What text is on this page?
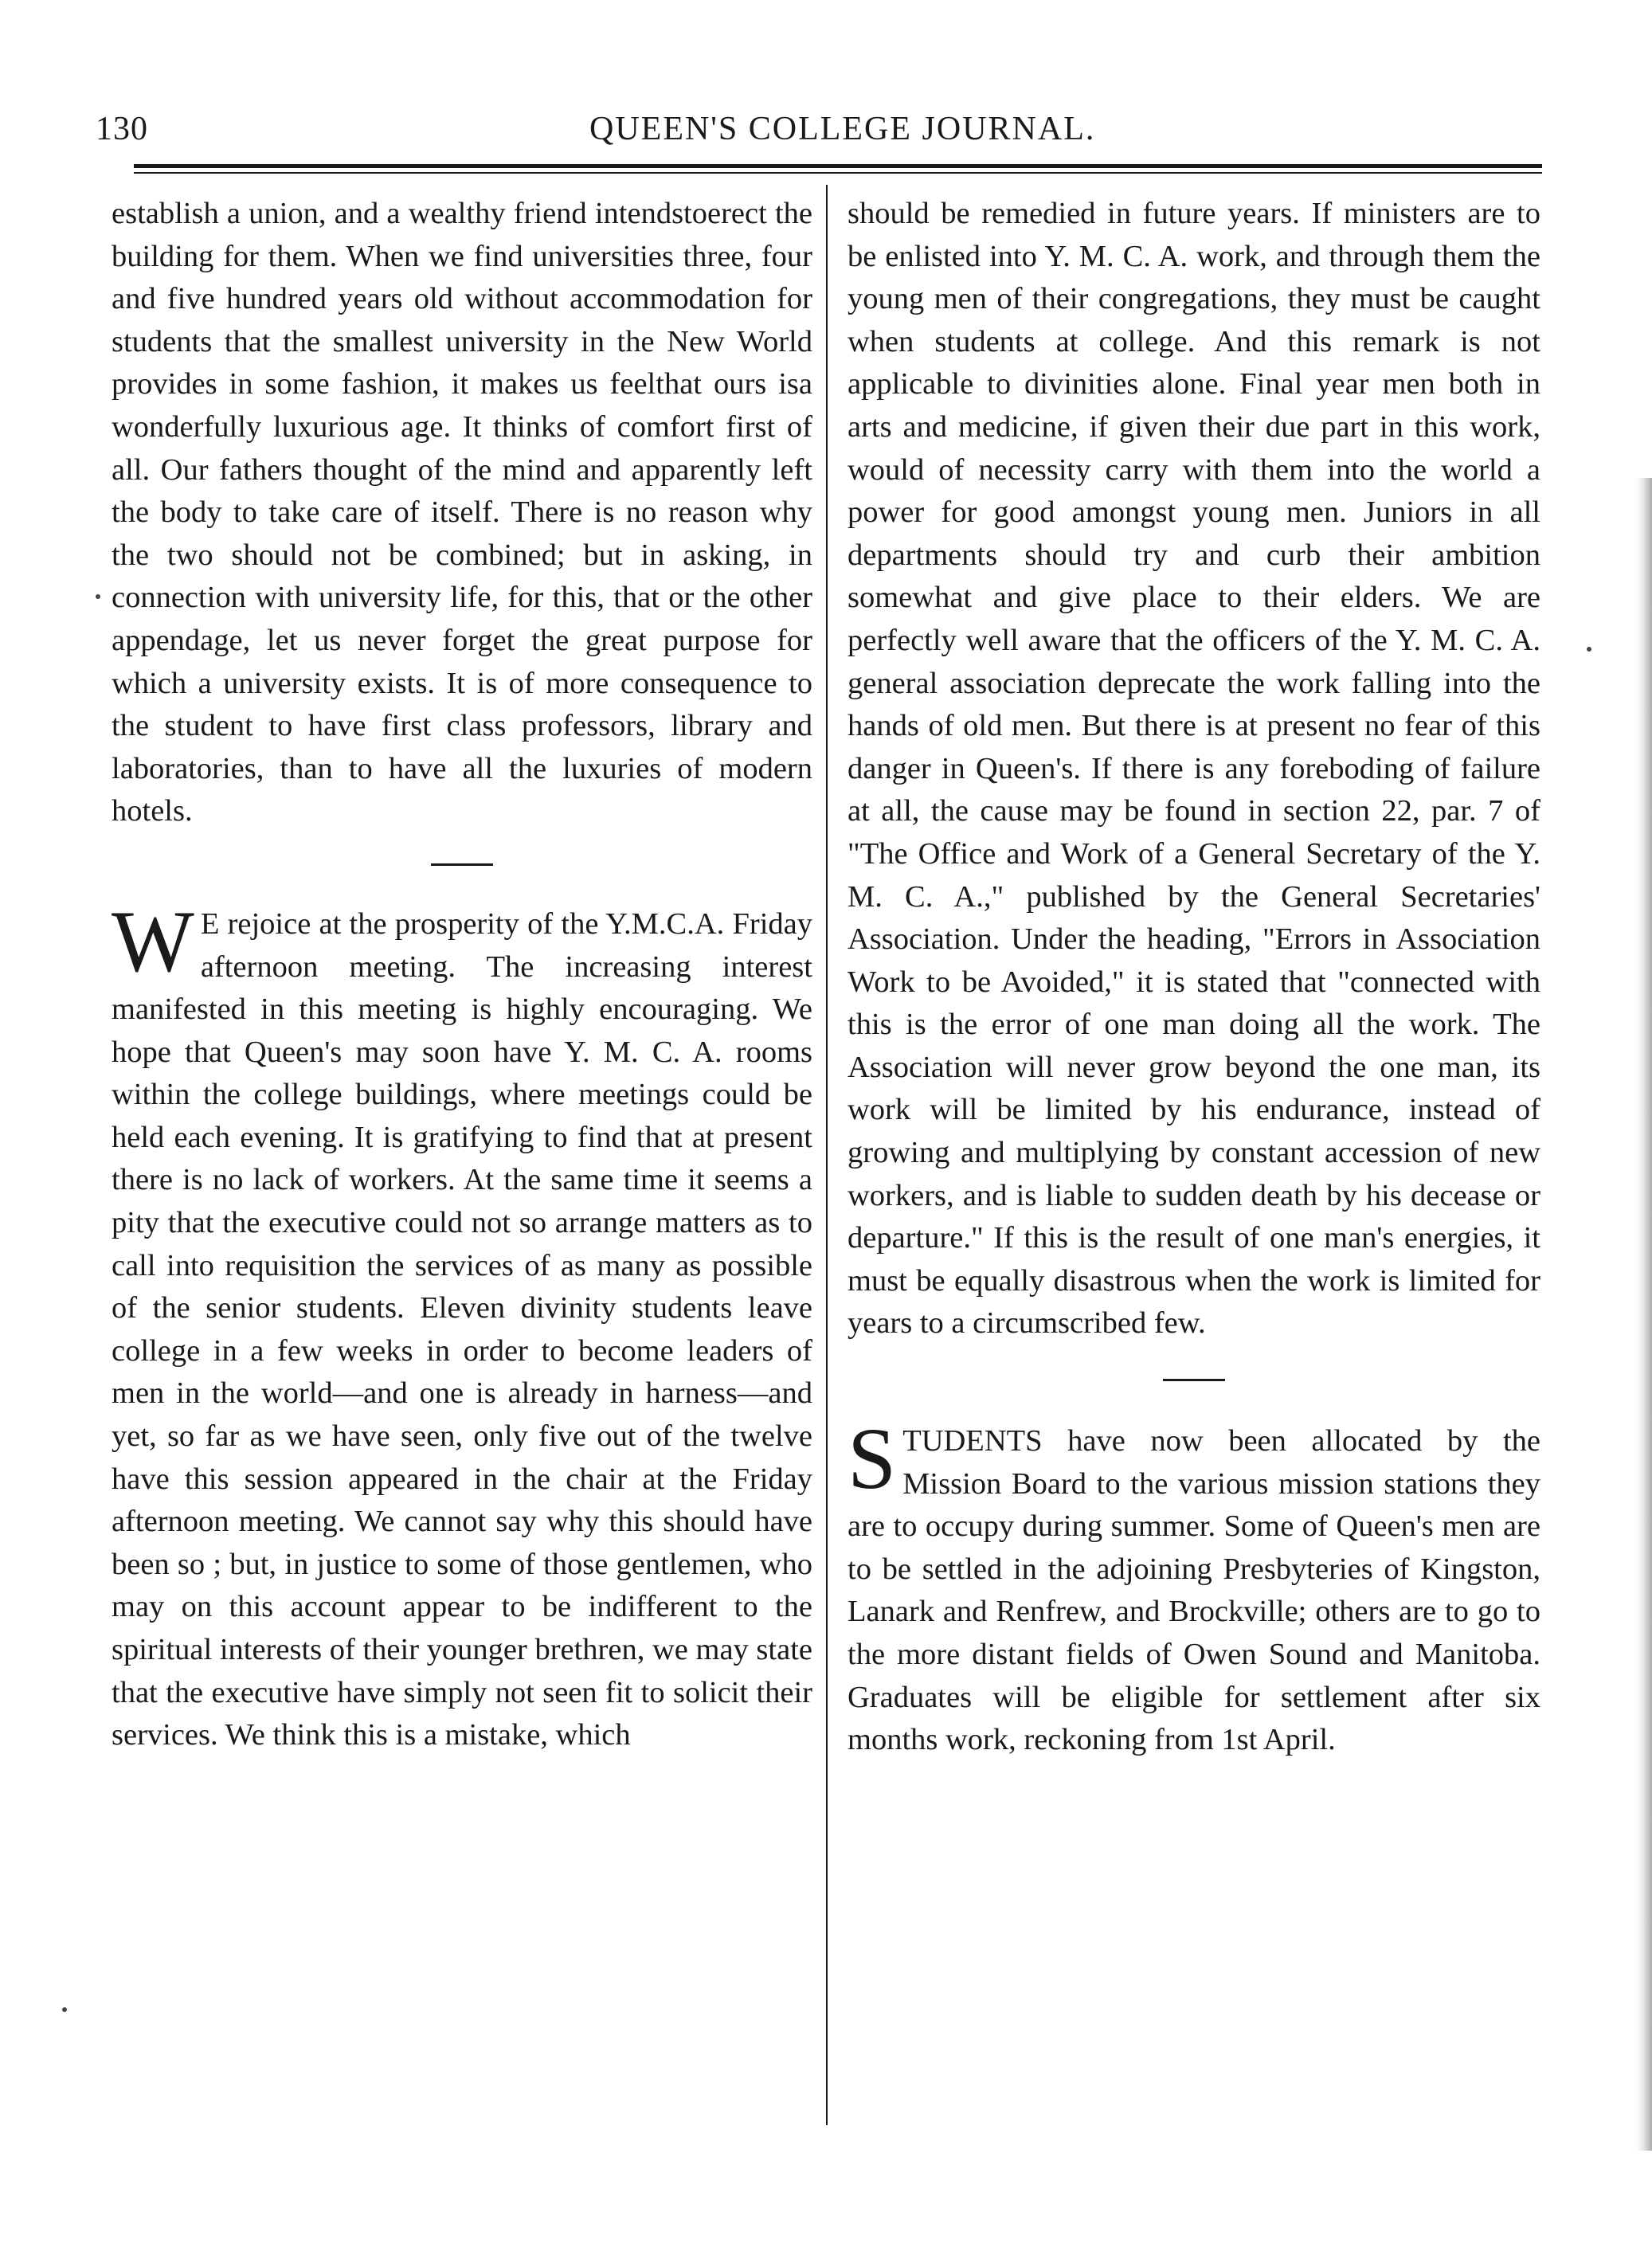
130	QUEEN'S COLLEGE JOURNAL.

establish a union, and a wealthy friend intendstoerect the building for them. When we find universities three, four and five hundred years old without accommodation for students that the smallest university in the New World provides in some fashion, it makes us feelthat ours isa wonderfully luxurious age. It thinks of comfort first of all. Our fathers thought of the mind and apparently left the body to take care of itself. There is no reason why the two should not be combined; but in asking, in connection with university life, for this, that or the other appendage, let us never forget the great purpose for which a university exists. It is of more consequence to the student to have first class professors, library and laboratories, than to have all the luxuries of modern hotels.

W E rejoice at the prosperity of the Y.M.C.A. Friday afternoon meeting. The increasing interest manifested in this meeting is highly encouraging. We hope that Queen's may soon have Y. M. C. A. rooms within the college buildings, where meetings could be held each evening. It is gratifying to find that at present there is no lack of workers. At the same time it seems a pity that the executive could not so arrange matters as to call into requisition the services of as many as possible of the senior students. Eleven divinity students leave college in a few weeks in order to become leaders of men in the world—and one is already in harness—and yet, so far as we have seen, only five out of the twelve have this session appeared in the chair at the Friday afternoon meeting. We cannot say why this should have been so ; but, in justice to some of those gentlemen, who may on this account appear to be indifferent to the spiritual interests of their younger brethren, we may state that the executive have simply not seen fit to solicit their services. We think this is a mistake, which

should be remedied in future years. If ministers are to be enlisted into Y. M. C. A. work, and through them the young men of their congregations, they must be caught when students at college. And this remark is not applicable to divinities alone. Final year men both in arts and medicine, if given their due part in this work, would of necessity carry with them into the world a power for good amongst young men. Juniors in all departments should try and curb their ambition somewhat and give place to their elders. We are perfectly well aware that the officers of the Y. M. C. A. general association deprecate the work falling into the hands of old men. But there is at present no fear of this danger in Queen's. If there is any foreboding of failure at all, the cause may be found in section 22, par. 7 of "The Office and Work of a General Secretary of the Y. M. C. A.," published by the General Secretaries' Association. Under the heading, "Errors in Association Work to be Avoided," it is stated that "connected with this is the error of one man doing all the work. The Association will never grow beyond the one man, its work will be limited by his endurance, instead of growing and multiplying by constant accession of new workers, and is liable to sudden death by his decease or departure." If this is the result of one man's energies, it must be equally disastrous when the work is limited for years to a circumscribed few.

STUDENTS have now been allocated by the Mission Board to the various mission stations they are to occupy during summer. Some of Queen's men are to be settled in the adjoining Presbyteries of Kingston, Lanark and Renfrew, and Brockville; others are to go to the more distant fields of Owen Sound and Manitoba. Graduates will be eligible for settlement after six months work, reckoning from 1st April.
